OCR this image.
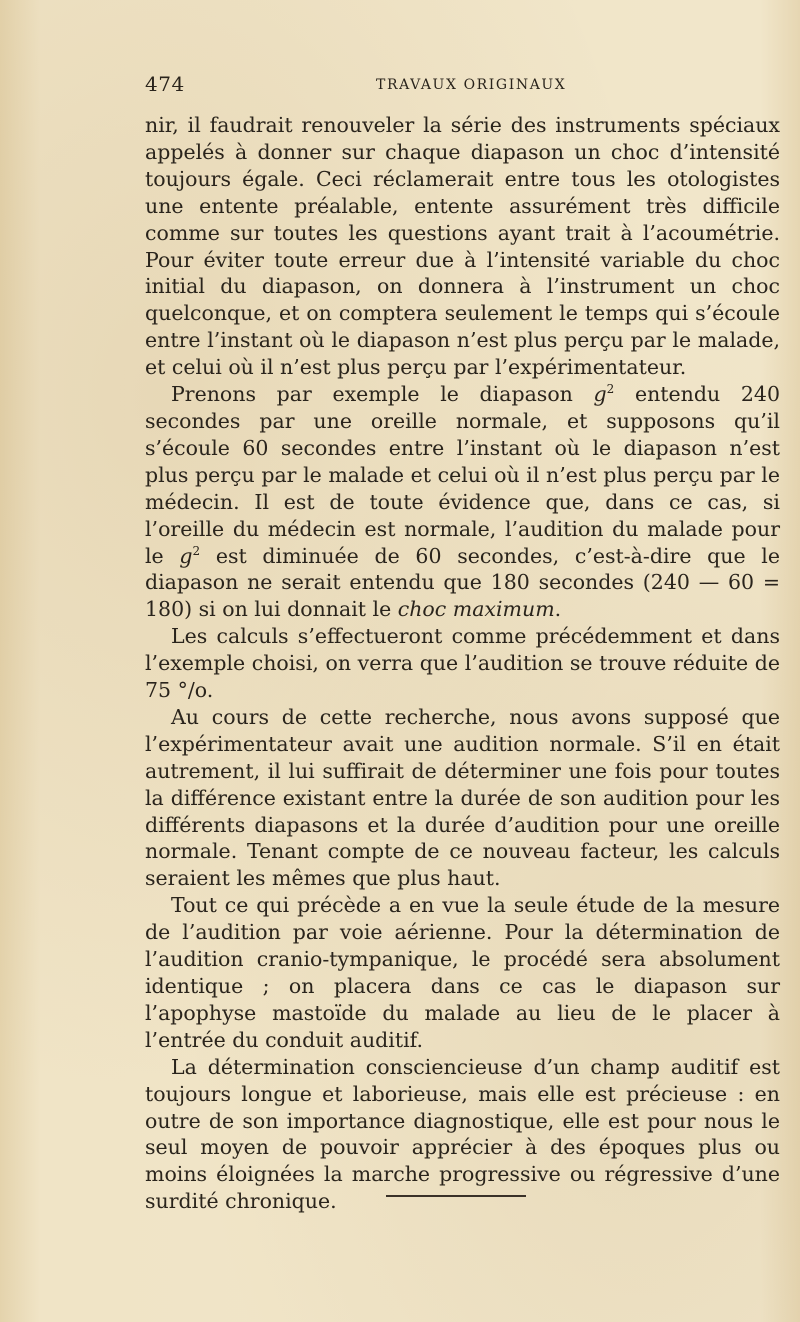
474	TRAVAUX ORIGINAUX

nir, il faudrait renouveler la série des instruments spéciaux appelés à donner sur chaque diapason un choc d’intensité toujours égale. Ceci réclamerait entre tous les otologistes une entente préalable, entente assurément très difficile comme sur toutes les questions ayant trait à l’acoumétrie. Pour éviter toute erreur due à l’intensité variable du choc initial du diapason, on donnera à l’instrument un choc quelconque, et on comptera seulement le temps qui s’écoule entre l’instant où le diapason n’est plus perçu par le malade, et celui où il n’est plus perçu par l’expérimentateur.

Prenons par exemple le diapason $g^2$ entendu 240 secondes par une oreille normale, et supposons qu’il s’écoule 60 secondes entre l’instant où le diapason n’est plus perçu par le malade et celui où il n’est plus perçu par le médecin. Il est de toute évidence que, dans ce cas, si l’oreille du médecin est normale, l’audition du malade pour le $g^2$ est diminuée de 60 secondes, c’est-à-dire que le diapason ne serait entendu que 180 secondes (240 — 60 = 180) si on lui donnait le choc maximum.

Les calculs s’effectueront comme précédemment et dans l’exemple choisi, on verra que l’audition se trouve réduite de 75 °/o.

Au cours de cette recherche, nous avons supposé que l’expérimentateur avait une audition normale. S’il en était autrement, il lui suffirait de déterminer une fois pour toutes la différence existant entre la durée de son audition pour les différents diapasons et la durée d’audition pour une oreille normale. Tenant compte de ce nouveau facteur, les calculs seraient les mêmes que plus haut.

Tout ce qui précède a en vue la seule étude de la mesure de l’audition par voie aérienne. Pour la détermination de l’audition cranio-tympanique, le procédé sera absolument identique ; on placera dans ce cas le diapason sur l’apophyse mastoïde du malade au lieu de le placer à l’entrée du conduit auditif.

La détermination consciencieuse d’un champ auditif est toujours longue et laborieuse, mais elle est précieuse : en outre de son importance diagnostique, elle est pour nous le seul moyen de pouvoir apprécier à des époques plus ou moins éloignées la marche progressive ou régressive d’une surdité chronique.
